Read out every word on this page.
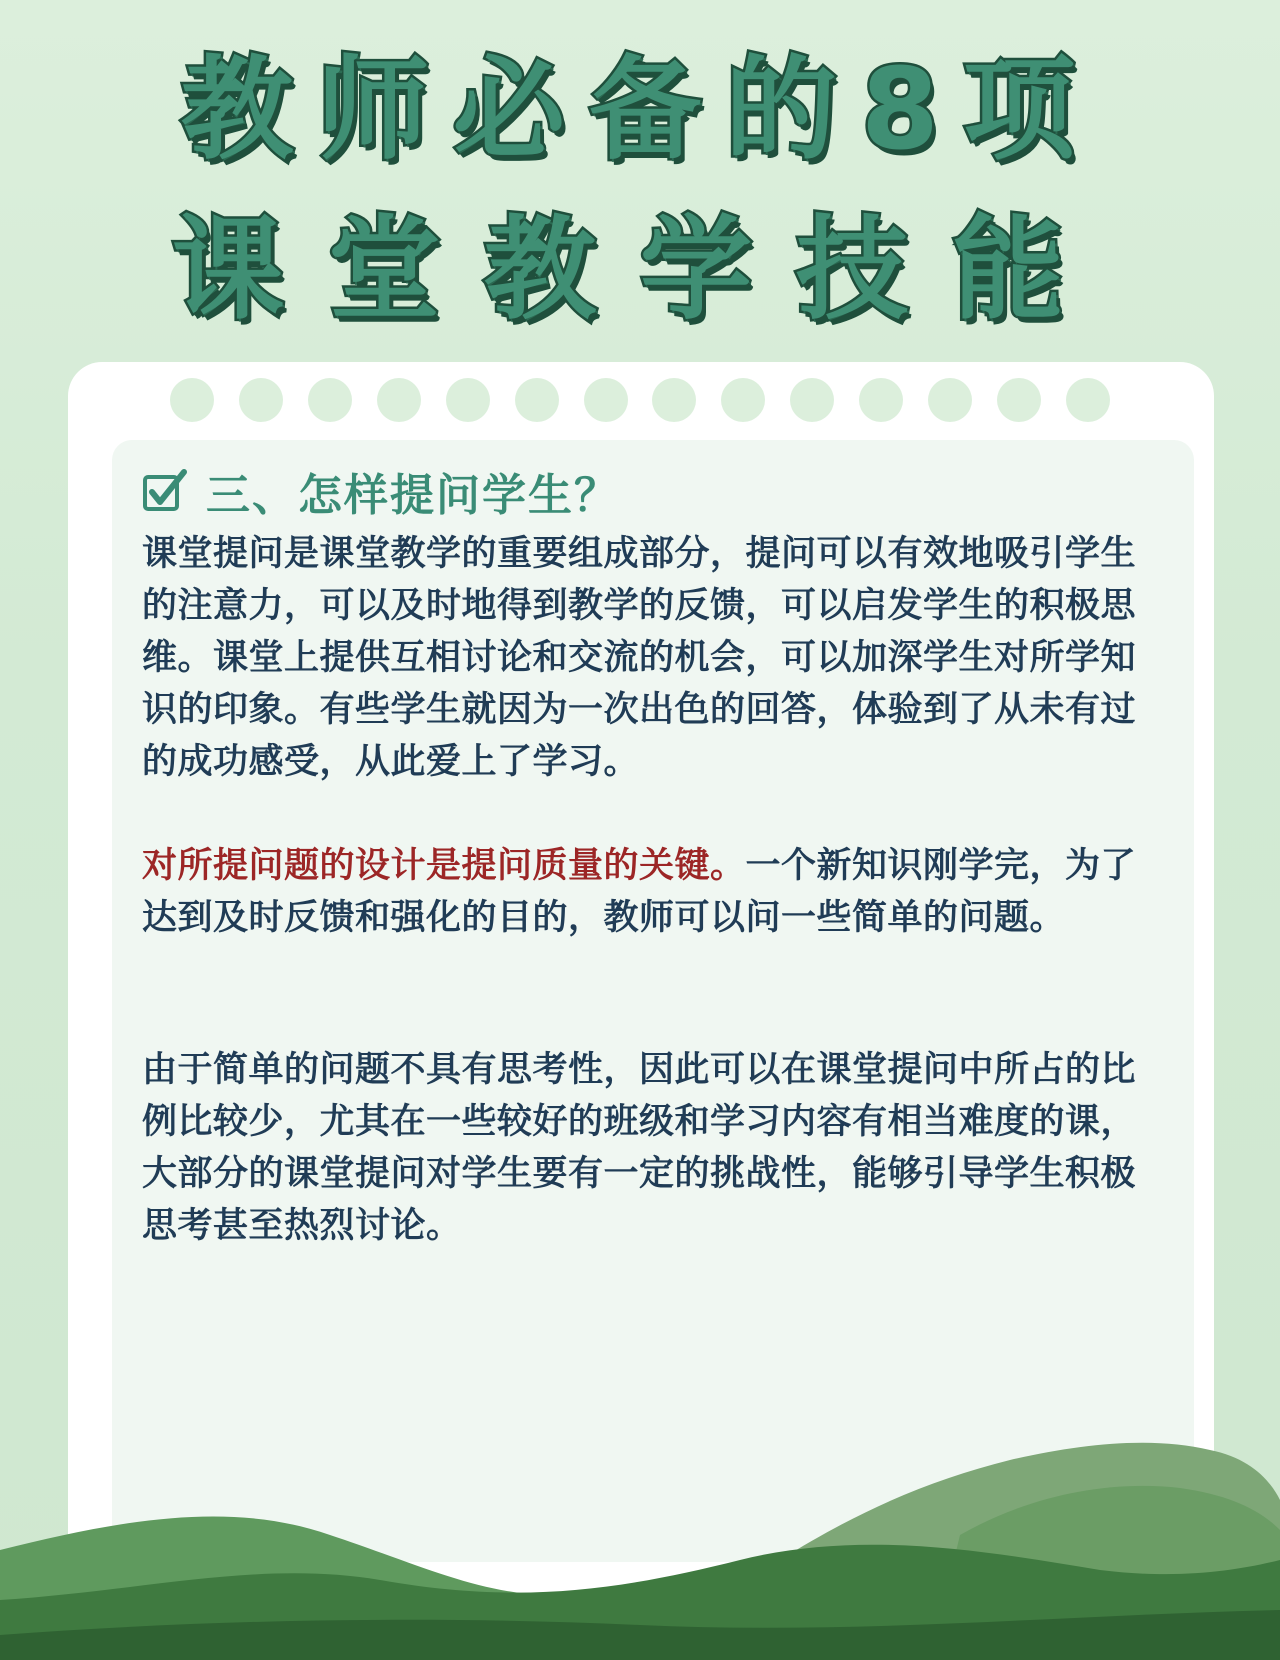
教师必备的8项
课堂教学技能
三、怎样提问学生？

课堂提问是课堂教学的重要组成部分，提问可以有效地吸引学生的注意力，可以及时地得到教学的反馈，可以启发学生的积极思维。课堂上提供互相讨论和交流的机会，可以加深学生对所学知识的印象。有些学生就因为一次出色的回答，体验到了从未有过的成功感受，从此爱上了学习。

对所提问题的设计是提问质量的关键。一个新知识刚学完，为了达到及时反馈和强化的目的，教师可以问一些简单的问题。

由于简单的问题不具有思考性，因此可以在课堂提问中所占的比例比较少，尤其在一些较好的班级和学习内容有相当难度的课，大部分的课堂提问对学生要有一定的挑战性，能够引导学生积极思考甚至热烈讨论。
